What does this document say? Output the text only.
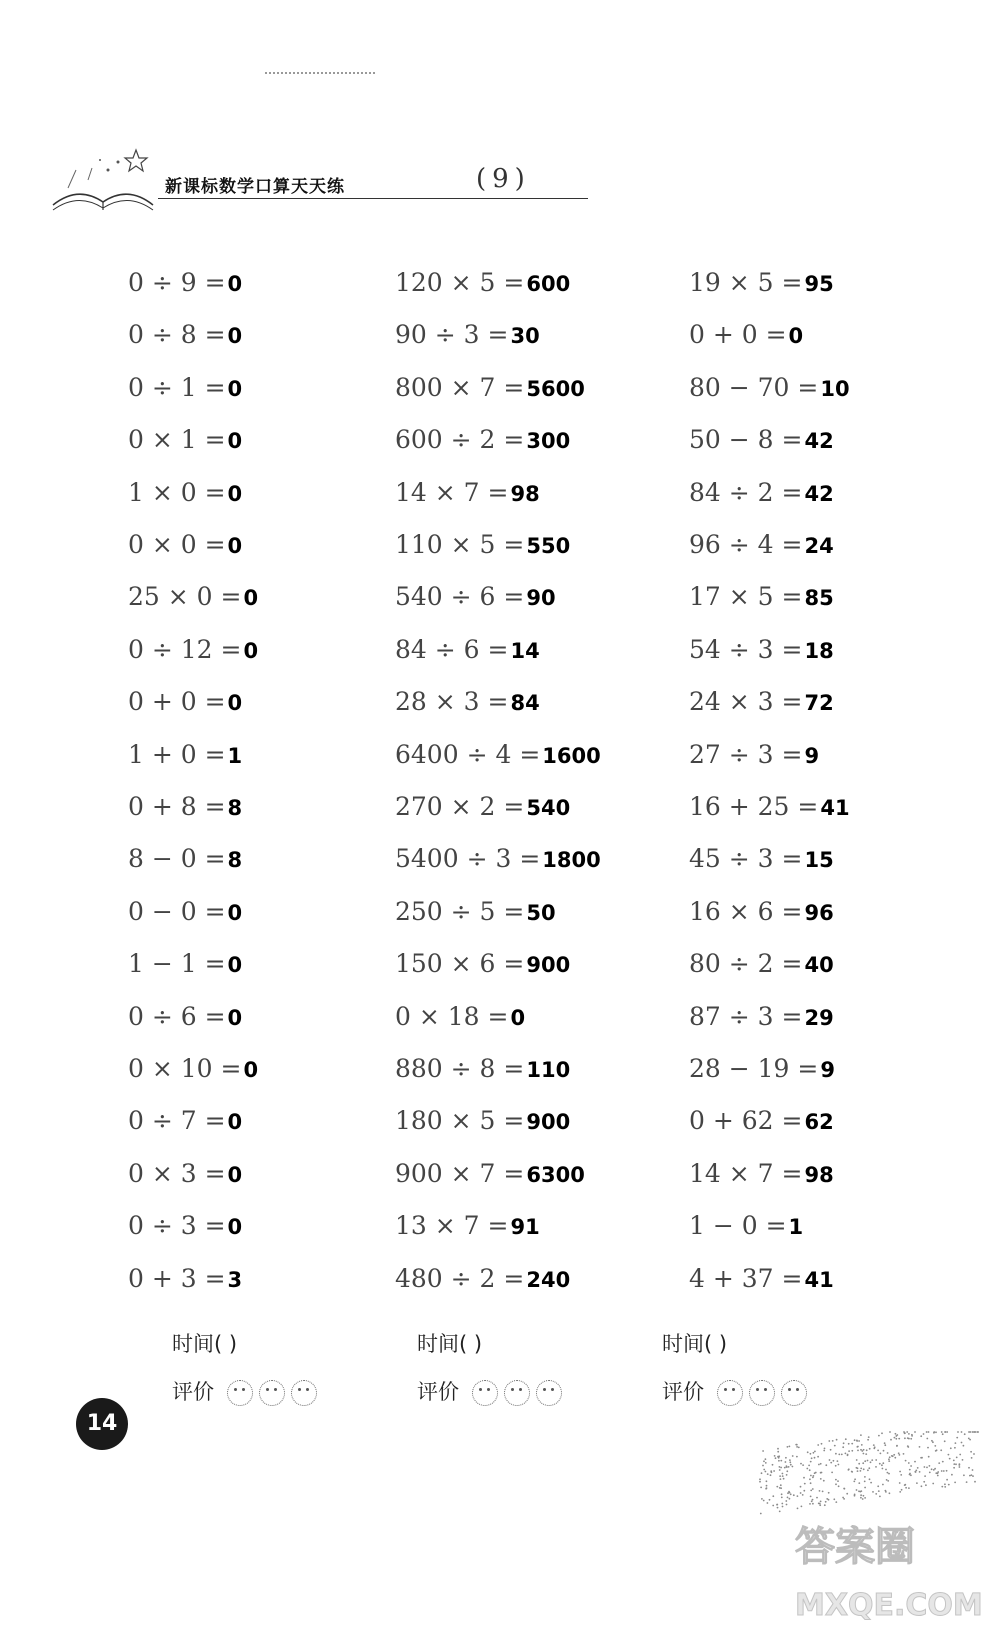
新课标数学口算天天练	(9)
0 ÷ 9 =0
0 ÷ 8 =0
0 ÷ 1 =0
0 × 1 =0
1 × 0 =0
0 × 0 =0
25 × 0 =0
0 ÷ 12 =0
0 + 0 =0
1 + 0 =1
0 + 8 =8
8 − 0 =8
0 − 0 =0
1 − 1 =0
0 ÷ 6 =0
0 × 10 =0
0 ÷ 7 =0
0 × 3 =0
0 ÷ 3 =0
0 + 3 =3
120 × 5 =600
90 ÷ 3 =30
800 × 7 =5600
600 ÷ 2 =300
14 × 7 =98
110 × 5 =550
540 ÷ 6 =90
84 ÷ 6 =14
28 × 3 =84
6400 ÷ 4 =1600
270 × 2 =540
5400 ÷ 3 =1800
250 ÷ 5 =50
150 × 6 =900
0 × 18 =0
880 ÷ 8 =110
180 × 5 =900
900 × 7 =6300
13 × 7 =91
480 ÷ 2 =240
19 × 5 =95
0 + 0 =0
80 − 70 =10
50 − 8 =42
84 ÷ 2 =42
96 ÷ 4 =24
17 × 5 =85
54 ÷ 3 =18
24 × 3 =72
27 ÷ 3 =9
16 + 25 =41
45 ÷ 3 =15
16 × 6 =96
80 ÷ 2 =40
87 ÷ 3 =29
28 − 19 =9
0 + 62 =62
14 × 7 =98
1 − 0 =1
4 + 37 =41
时间( )	时间( )	时间( )
评价	评价	评价
14
答案圈
MXQE.COM
